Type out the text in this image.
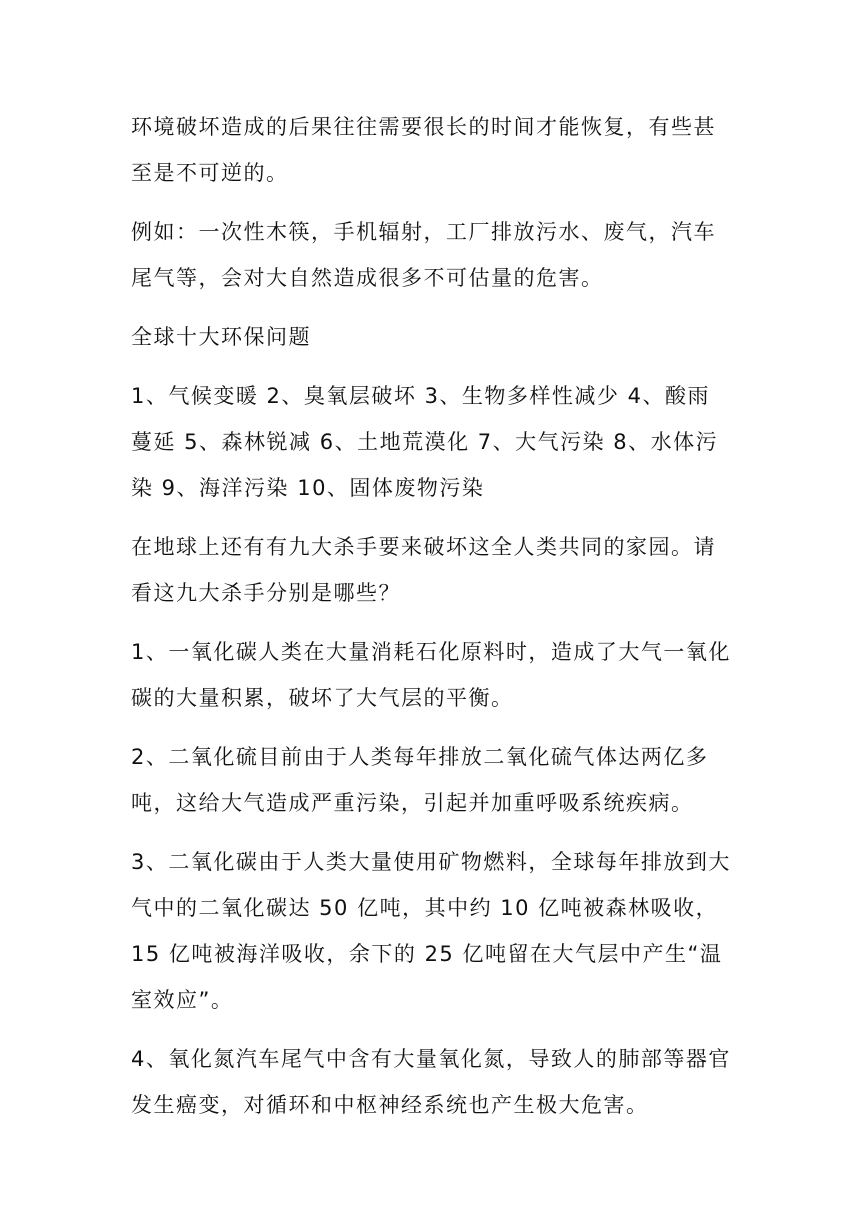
环境破坏造成的后果往往需要很长的时间才能恢复，有些甚至是不可逆的。

例如：一次性木筷，手机辐射，工厂排放污水、废气，汽车尾气等，会对大自然造成很多不可估量的危害。

全球十大环保问题

1、气候变暖 2、臭氧层破坏 3、生物多样性减少 4、酸雨蔓延 5、森林锐减 6、土地荒漠化 7、大气污染 8、水体污染 9、海洋污染 10、固体废物污染

在地球上还有有九大杀手要来破坏这全人类共同的家园。请看这九大杀手分别是哪些？

1、一氧化碳人类在大量消耗石化原料时，造成了大气一氧化碳的大量积累，破坏了大气层的平衡。

2、二氧化硫目前由于人类每年排放二氧化硫气体达两亿多吨，这给大气造成严重污染，引起并加重呼吸系统疾病。

3、二氧化碳由于人类大量使用矿物燃料，全球每年排放到大气中的二氧化碳达 50 亿吨，其中约 10 亿吨被森林吸收，15 亿吨被海洋吸收，余下的 25 亿吨留在大气层中产生“温室效应”。

4、氧化氮汽车尾气中含有大量氧化氮，导致人的肺部等器官发生癌变，对循环和中枢神经系统也产生极大危害。
